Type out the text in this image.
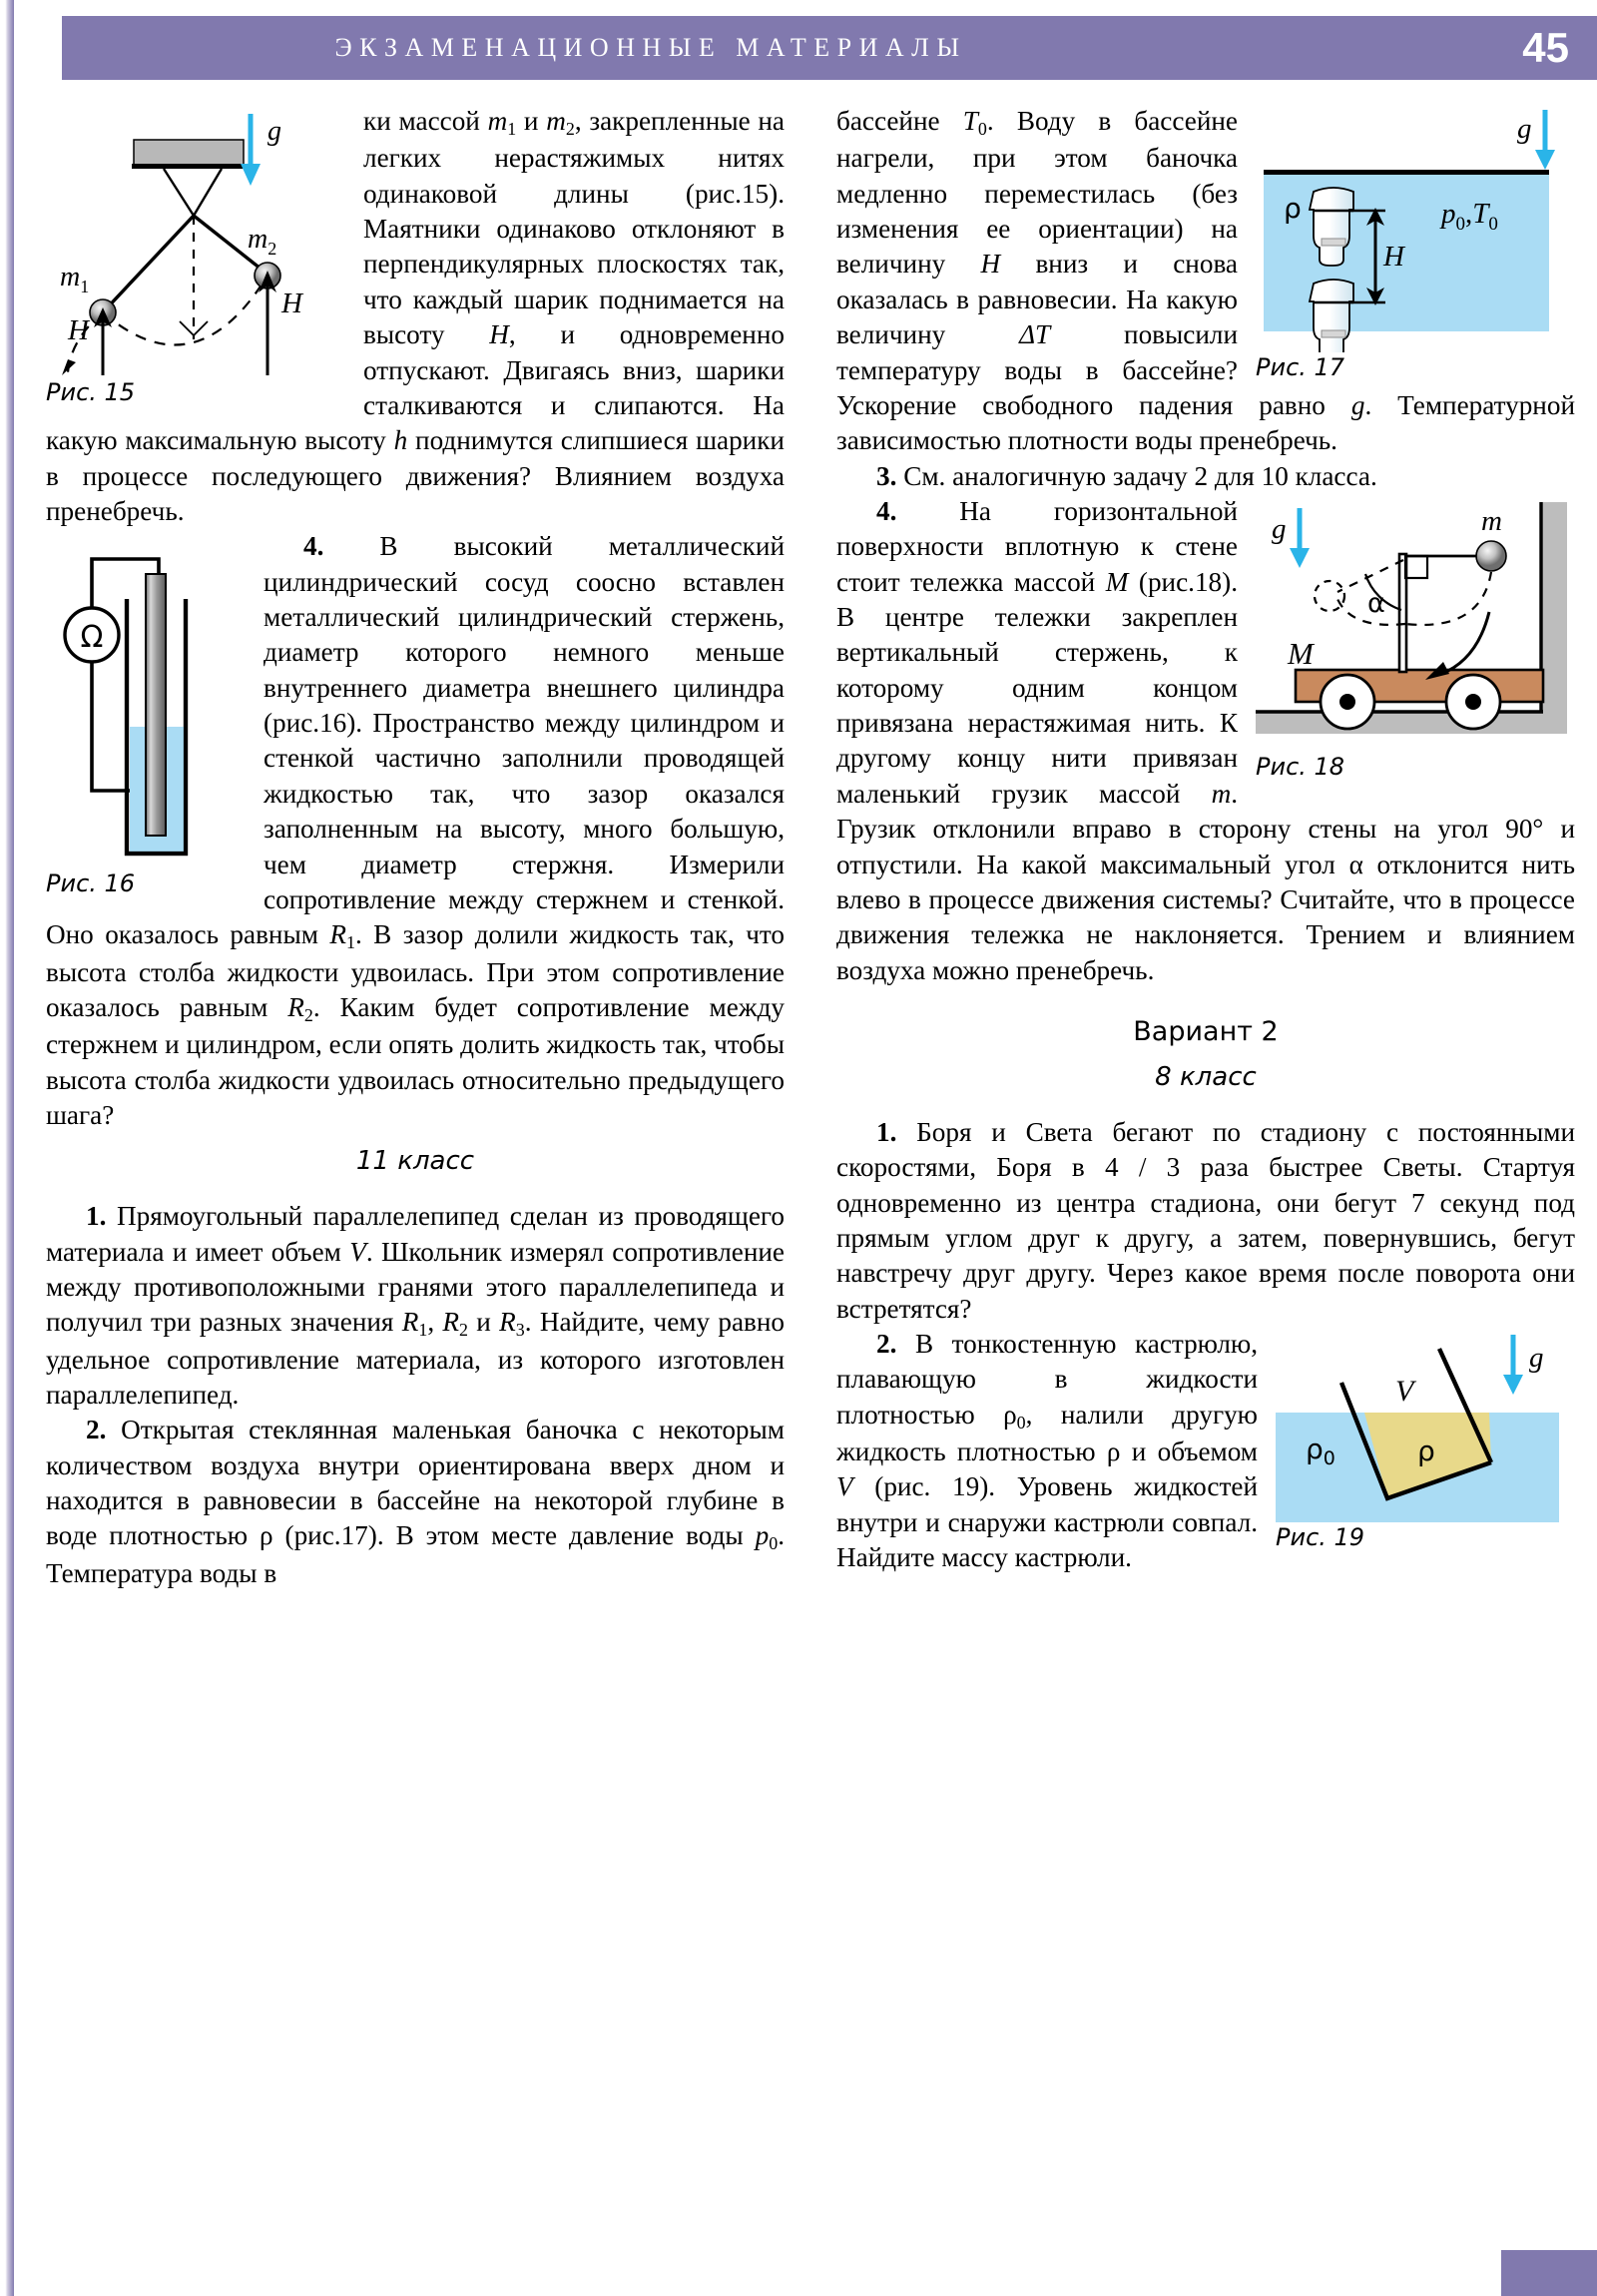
ЭКЗАМЕНАЦИОННЫЕ МАТЕРИАЛЫ	45
g
$m_1$
$m_2$
H
H
Рис. 15

ки массой $m_1$ и $m_2$, закрепленные на легких нерастяжимых нитях одинаковой длины (рис.15). Маятники одинаково отклоняют в перпендикулярных плоскостях так, что каждый шарик поднимается на высоту H, и одновременно отпускают. Двигаясь вниз, шарики сталкиваются и слипаются. На какую максимальную высоту h поднимутся слипшиеся шарики в процессе последующего движения? Влиянием воздуха пренебречь.

Ω
Рис. 16

4. В высокий металлический цилиндрический сосуд соосно вставлен металлический цилиндрический стержень, диаметр которого немного меньше внутреннего диаметра внешнего цилиндра (рис.16). Пространство между цилиндром и стенкой частично заполнили проводящей жидкостью так, что зазор оказался заполненным на высоту, много большую, чем диаметр стержня. Измерили сопротивление между стержнем и стенкой. Оно оказалось равным $R_1$. В зазор долили жидкость так, что высота столба жидкости удвоилась. При этом сопротивление оказалось равным $R_2$. Каким будет сопротивление между стержнем и цилиндром, если опять долить жидкость так, чтобы высота столба жидкости удвоилась относительно предыдущего шага?

11 класс

1. Прямоугольный параллелепипед сделан из проводящего материала и имеет объем V. Школьник измерял сопротивление между противоположными гранями этого параллелепипеда и получил три разных значения $R_1$, $R_2$ и $R_3$. Найдите, чему равно удельное сопротивление материала, из которого изготовлен параллелепипед.

2. Открытая стеклянная маленькая баночка с некоторым количеством воздуха внутри ориентирована вверх дном и находится в равновесии в бассейне на некоторой глубине в воде плотностью ρ (рис.17). В этом месте давление воды $p_0$. Температура воды в

g
H
ρ	$p_0,T_0$
Рис. 17

бассейне $T_0$. Воду в бассейне нагрели, при этом баночка медленно переместилась (без изменения ее ориентации) на величину H вниз и снова оказалась в равновесии. На какую величину ΔT повысили температуру воды в бассейне? Ускорение свободного падения равно g. Температурной зависимостью плотности воды пренебречь.

3. См. аналогичную задачу 2 для 10 класса.

α
g	m
M
Рис. 18

4. На горизонтальной поверхности вплотную к стене стоит тележка массой M (рис.18). В центре тележки закреплен вертикальный стержень, к которому одним концом привязана нерастяжимая нить. К другому концу нити привязан маленький грузик массой m. Грузик отклонили вправо в сторону стены на угол 90° и отпустили. На какой максимальный угол α отклонится нить влево в процессе движения системы? Считайте, что в процессе движения тележка не наклоняется. Трением и влиянием воздуха можно пренебречь.

Вариант 2
8 класс

1. Боря и Света бегают по стадиону с постоянными скоростями, Боря в 4 / 3 раза быстрее Светы. Стартуя одновременно из центра стадиона, они бегут 7 секунд под прямым углом друг к другу, а затем, повернувшись, бегут навстречу друг другу. Через какое время после поворота они встретятся?

g
V
ρ
$\rho_0$
Рис. 19

2. В тонкостенную кастрюлю, плавающую в жидкости плотностью $\rho_0$, налили другую жидкость плотностью ρ и объемом V (рис. 19). Уровень жидкостей внутри и снаружи кастрюли совпал. Найдите массу кастрюли.
